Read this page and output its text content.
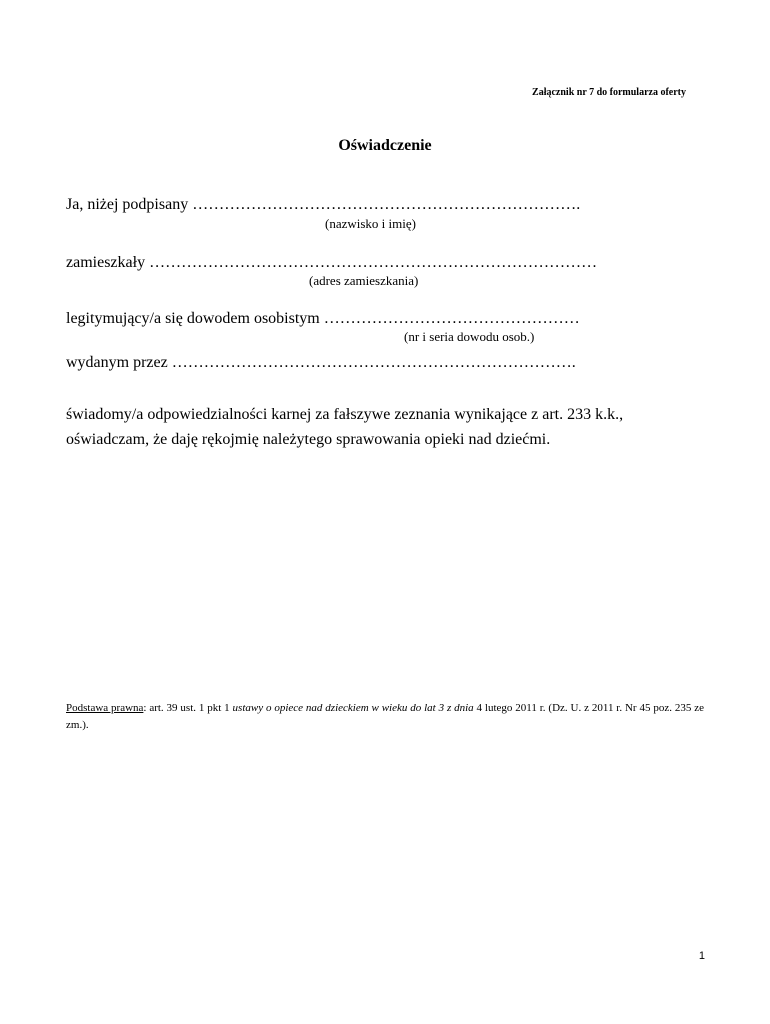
Załącznik nr 7 do formularza oferty
Oświadczenie
Ja, niżej podpisany ……………………………………………………………….
(nazwisko i imię)
zamieszkały …………………………………………………………………………
(adres zamieszkania)
legitymujący/a się dowodem osobistym …………………………………………
(nr i seria dowodu osob.)
wydanym przez ………………………………………………………………….
świadomy/a odpowiedzialności karnej za fałszywe zeznania wynikające z art. 233 k.k.,
oświadczam, że daję rękojmię należytego sprawowania opieki nad dziećmi.
Podstawa prawna: art. 39 ust. 1 pkt 1 ustawy o opiece nad dzieckiem w wieku do lat 3 z dnia 4 lutego 2011 r. (Dz. U. z 2011 r. Nr 45 poz. 235 ze zm.).
1
